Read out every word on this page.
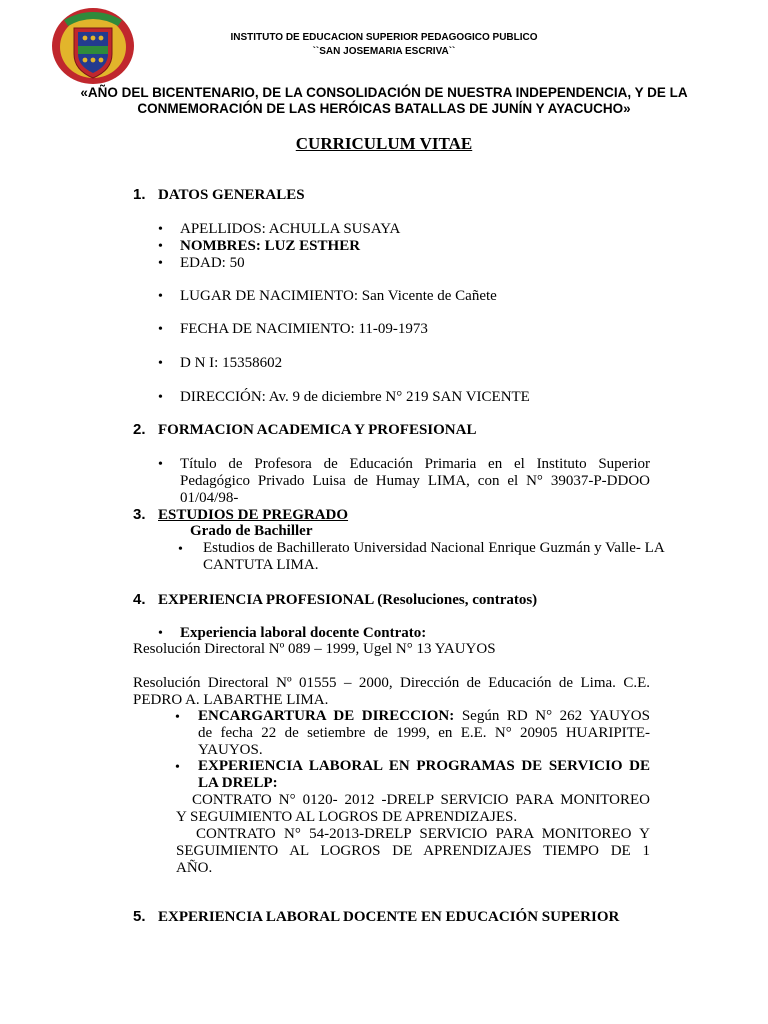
INSTITUTO DE EDUCACION SUPERIOR PEDAGOGICO PUBLICO
``SAN JOSEMARIA ESCRIVA``
«AÑO DEL BICENTENARIO, DE LA CONSOLIDACIÓN DE NUESTRA INDEPENDENCIA, Y DE LA
CONMEMORACIÓN DE LAS HERÓICAS BATALLAS DE JUNÍN Y AYACUCHO»
CURRICULUM VITAE
1. DATOS GENERALES
• APELLIDOS: ACHULLA SUSAYA
• NOMBRES: LUZ ESTHER
• EDAD: 50
• LUGAR DE NACIMIENTO: San Vicente de Cañete
• FECHA DE NACIMIENTO: 11-09-1973
• D N I: 15358602
• DIRECCIÓN: Av. 9 de diciembre N° 219 SAN VICENTE
2. FORMACION ACADEMICA Y PROFESIONAL
• Título de Profesora de Educación Primaria en el Instituto Superior
Pedagógico Privado Luisa de Humay LIMA, con el N° 39037-P-DDOO
01/04/98-
3. ESTUDIOS DE PREGRADO
Grado de Bachiller
• Estudios de Bachillerato Universidad Nacional Enrique Guzmán y Valle- LA
CANTUTA LIMA.
4. EXPERIENCIA PROFESIONAL (Resoluciones, contratos)
• Experiencia laboral docente Contrato:
Resolución Directoral Nº 089 – 1999, Ugel N° 13 YAUYOS
Resolución Directoral Nº 01555 – 2000, Dirección de Educación de Lima. C.E.
PEDRO A. LABARTHE LIMA.
• ENCARGARTURA DE DIRECCION: Según RD N° 262 YAUYOS
de fecha 22 de setiembre de 1999, en E.E. N° 20905 HUARIPITE-
YAUYOS.
• EXPERIENCIA LABORAL EN PROGRAMAS DE SERVICIO DE
LA DRELP:
CONTRATO N° 0120- 2012 -DRELP SERVICIO PARA MONITOREO
Y SEGUIMIENTO AL LOGROS DE APRENDIZAJES.
CONTRATO N° 54-2013-DRELP SERVICIO PARA MONITOREO Y
SEGUIMIENTO AL LOGROS DE APRENDIZAJES TIEMPO DE 1
AÑO.
5. EXPERIENCIA LABORAL DOCENTE EN EDUCACIÓN SUPERIOR
